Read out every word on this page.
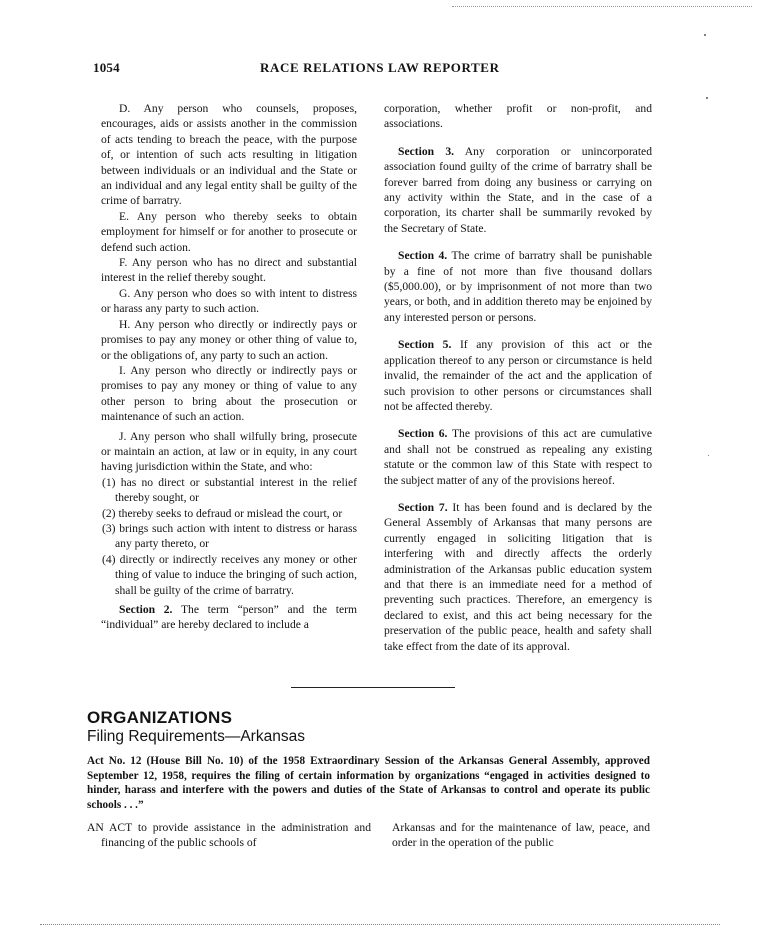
1054	RACE RELATIONS LAW REPORTER

D. Any person who counsels, proposes, encourages, aids or assists another in the commission of acts tending to breach the peace, with the purpose of, or intention of such acts resulting in litigation between individuals or an individual and the State or an individual and any legal entity shall be guilty of the crime of barratry.

E. Any person who thereby seeks to obtain employment for himself or for another to prosecute or defend such action.

F. Any person who has no direct and substantial interest in the relief thereby sought.

G. Any person who does so with intent to distress or harass any party to such action.

H. Any person who directly or indirectly pays or promises to pay any money or other thing of value to, or the obligations of, any party to such an action.

I. Any person who directly or indirectly pays or promises to pay any money or thing of value to any other person to bring about the prosecution or maintenance of such an action.

J. Any person who shall wilfully bring, prosecute or maintain an action, at law or in equity, in any court having jurisdiction within the State, and who:

(1) has no direct or substantial interest in the relief thereby sought, or

(2) thereby seeks to defraud or mislead the court, or

(3) brings such action with intent to distress or harass any party thereto, or

(4) directly or indirectly receives any money or other thing of value to induce the bringing of such action, shall be guilty of the crime of barratry.

Section 2. The term “person” and the term “individual” are hereby declared to include a

corporation, whether profit or non-profit, and associations.

Section 3. Any corporation or unincorporated association found guilty of the crime of barratry shall be forever barred from doing any business or carrying on any activity within the State, and in the case of a corporation, its charter shall be summarily revoked by the Secretary of State.

Section 4. The crime of barratry shall be punishable by a fine of not more than five thousand dollars ($5,000.00), or by imprisonment of not more than two years, or both, and in addition thereto may be enjoined by any interested person or persons.

Section 5. If any provision of this act or the application thereof to any person or circumstance is held invalid, the remainder of the act and the application of such provision to other persons or circumstances shall not be affected thereby.

Section 6. The provisions of this act are cumulative and shall not be construed as repealing any existing statute or the common law of this State with respect to the subject matter of any of the provisions hereof.

Section 7. It has been found and is declared by the General Assembly of Arkansas that many persons are currently engaged in soliciting litigation that is interfering with and directly affects the orderly administration of the Arkansas public education system and that there is an immediate need for a method of preventing such practices. Therefore, an emergency is declared to exist, and this act being necessary for the preservation of the public peace, health and safety shall take effect from the date of its approval.

ORGANIZATIONS
Filing Requirements—Arkansas

Act No. 12 (House Bill No. 10) of the 1958 Extraordinary Session of the Arkansas General Assembly, approved September 12, 1958, requires the filing of certain information by organizations “engaged in activities designed to hinder, harass and interfere with the powers and duties of the State of Arkansas to control and operate its public schools . . .”

AN ACT to provide assistance in the administration and financing of the public schools of

Arkansas and for the maintenance of law, peace, and order in the operation of the public
